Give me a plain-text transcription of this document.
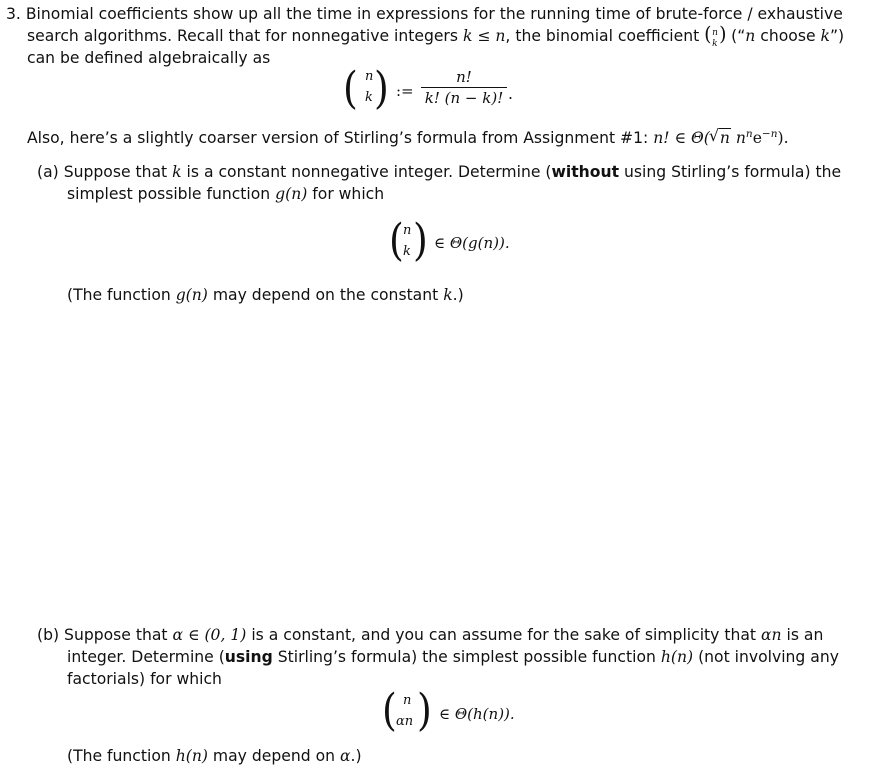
3. Binomial coefficients show up all the time in expressions for the running time of brute-force / exhaustive
search algorithms. Recall that for nonnegative integers k ≤ n, the binomial coefficient ( n
k ) (“n choose k”)
can be defined algebraically as
( n
k ) :=
n!
k! (n − k)! .
Also, here’s a slightly coarser version of Stirling’s formula from Assignment #1: n! ∈ Θ(√ n $n^ne^{-n}$).
(a) Suppose that k is a constant nonnegative integer. Determine (without using Stirling’s formula) the
simplest possible function g(n) for which
( n
k ) ∈ Θ(g(n)).
(The function g(n) may depend on the constant k.)
(b) Suppose that α ∈ (0, 1) is a constant, and you can assume for the sake of simplicity that αn is an
integer. Determine (using Stirling’s formula) the simplest possible function h(n) (not involving any
factorials) for which
( n
αn ) ∈ Θ(h(n)).
(The function h(n) may depend on α.)
